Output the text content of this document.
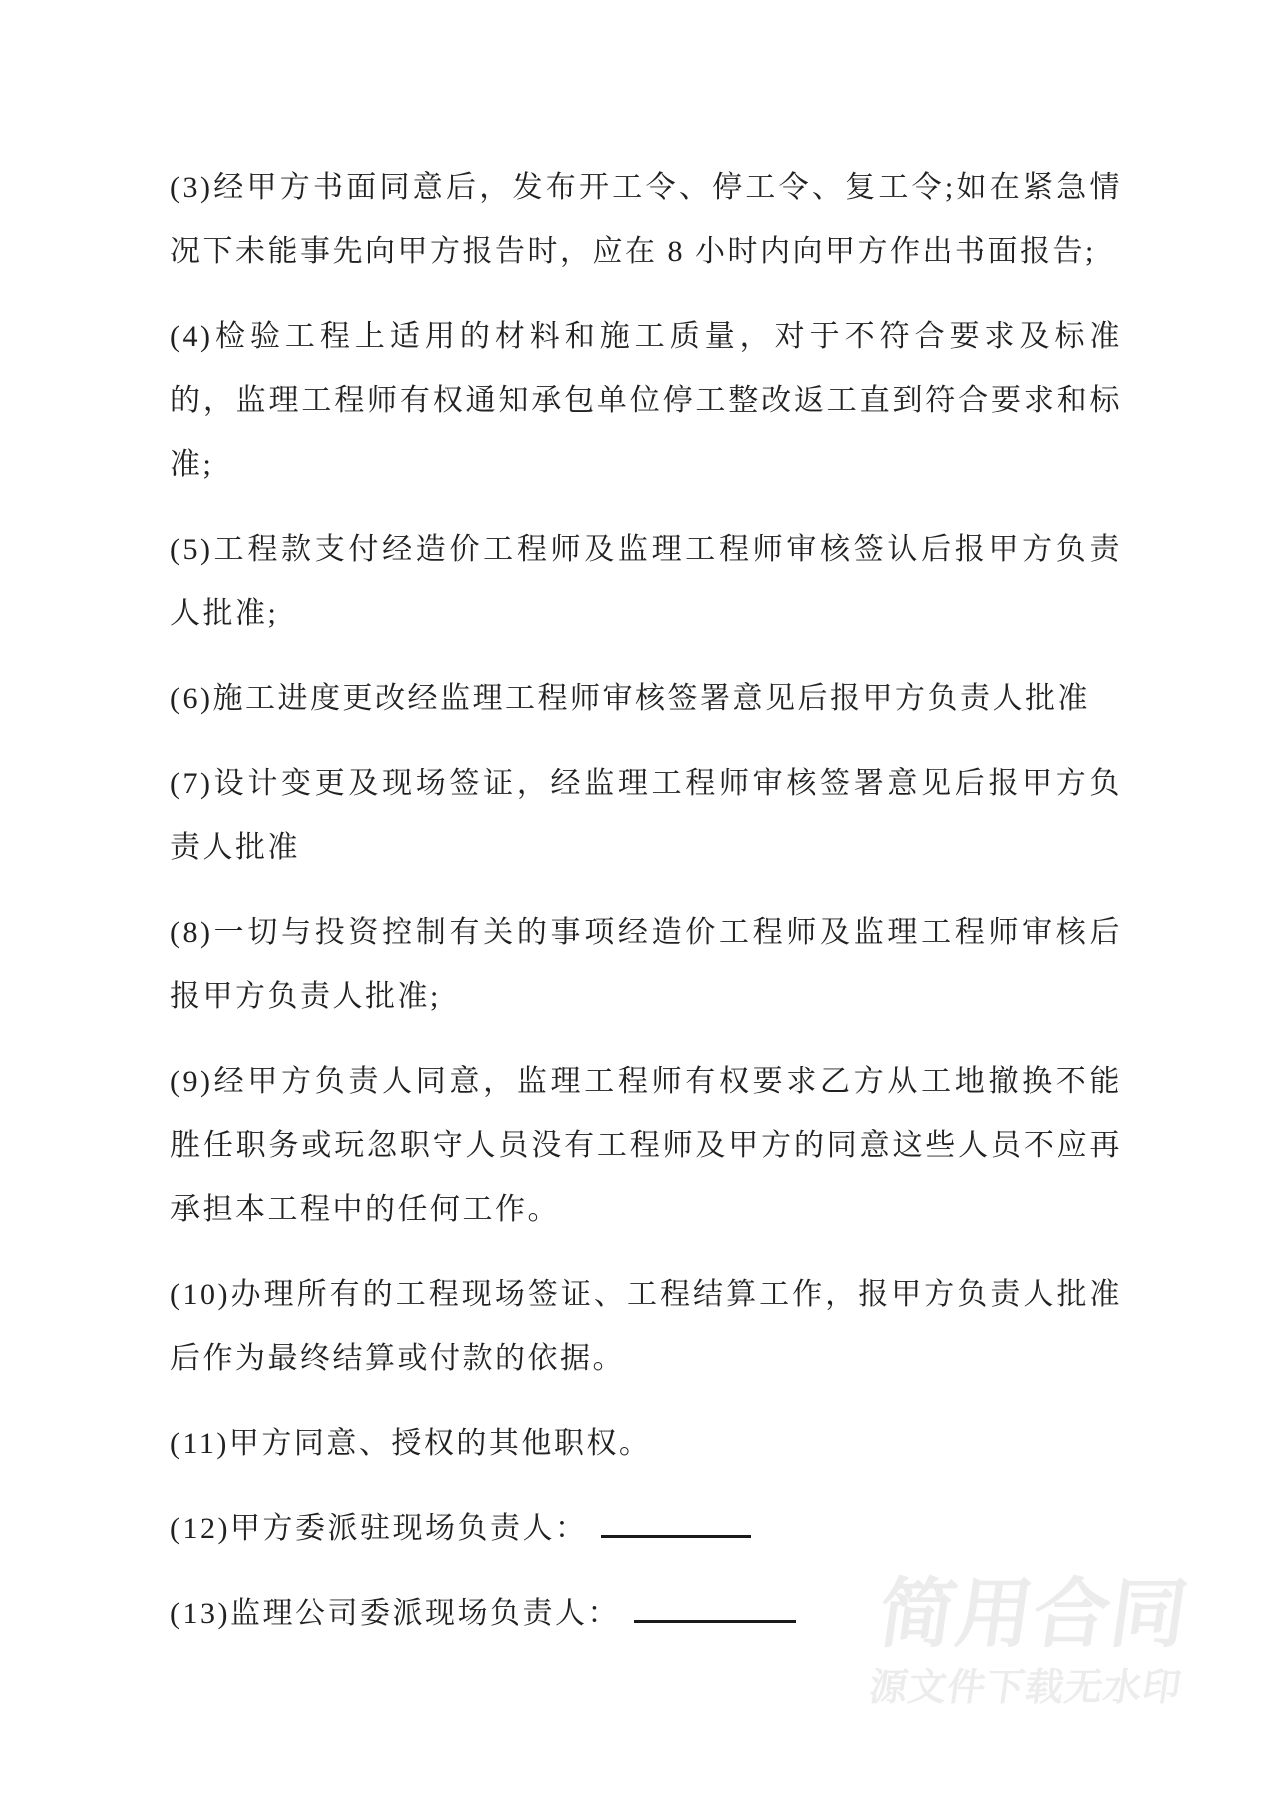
(3)经甲方书面同意后，发布开工令、停工令、复工令;如在紧急情况下未能事先向甲方报告时，应在 8 小时内向甲方作出书面报告;

(4)检验工程上适用的材料和施工质量，对于不符合要求及标准的，监理工程师有权通知承包单位停工整改返工直到符合要求和标准;

(5)工程款支付经造价工程师及监理工程师审核签认后报甲方负责人批准;

(6)施工进度更改经监理工程师审核签署意见后报甲方负责人批准

(7)设计变更及现场签证，经监理工程师审核签署意见后报甲方负责人批准

(8)一切与投资控制有关的事项经造价工程师及监理工程师审核后报甲方负责人批准;

(9)经甲方负责人同意，监理工程师有权要求乙方从工地撤换不能胜任职务或玩忽职守人员没有工程师及甲方的同意这些人员不应再承担本工程中的任何工作。

(10)办理所有的工程现场签证、工程结算工作，报甲方负责人批准后作为最终结算或付款的依据。

(11)甲方同意、授权的其他职权。

(12)甲方委派驻现场负责人：

(13)监理公司委派现场负责人：	简用合同
源文件下载无水印
